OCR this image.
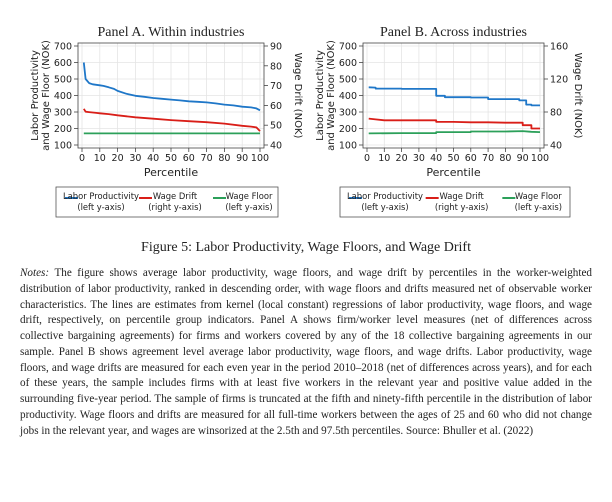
Panel A. Within industries
100
200
300
400
500
600
700
40
50
60
70
80
90
0 10 20 30 40 50 60 70 80 90 100
Percentile
Labor Productivity and Wage Floor (NOK)	Wage Drift (NOK)
Panel B. Across industries
100
200
300
400
500
600
700
40
80
120
160
0 10 20 30 40 50 60 70 80 90 100
Percentile
Labor Productivity and Wage Floor (NOK)	Wage Drift (NOK)
Labor Productivity
(left y-axis)
Wage Drift
(right y-axis)
Wage Floor
(left y-axis)
Labor Productivity
(left y-axis)
Wage Drift
(right y-axis)
Wage Floor
(left y-axis)
Figure 5: Labor Productivity, Wage Floors, and Wage Drift
Notes: The figure shows average labor productivity, wage floors, and wage drift by percentiles in the worker-weighted distribution of labor productivity, ranked in descending order, with wage floors and drifts measured net of observable worker characteristics. The lines are estimates from kernel (local constant) regressions of labor productivity, wage floors, and wage drift, respectively, on percentile group indicators. Panel A shows firm/worker level measures (net of differences across collective bargaining agreements) for firms and workers covered by any of the 18 collective bargaining agreements in our sample. Panel B shows agreement level average labor productivity, wage floors, and wage drifts. Labor productivity, wage floors, and wage drifts are measured for each even year in the period 2010–2018 (net of differences across years), and for each of these years, the sample includes firms with at least five workers in the relevant year and positive value added in the surrounding five-year period. The sample of firms is truncated at the fifth and ninety-fifth percentile in the distribution of labor productivity. Wage floors and drifts are measured for all full-time workers between the ages of 25 and 60 who did not change jobs in the relevant year, and wages are winsorized at the 2.5th and 97.5th percentiles. Source: Bhuller et al. (2022)
